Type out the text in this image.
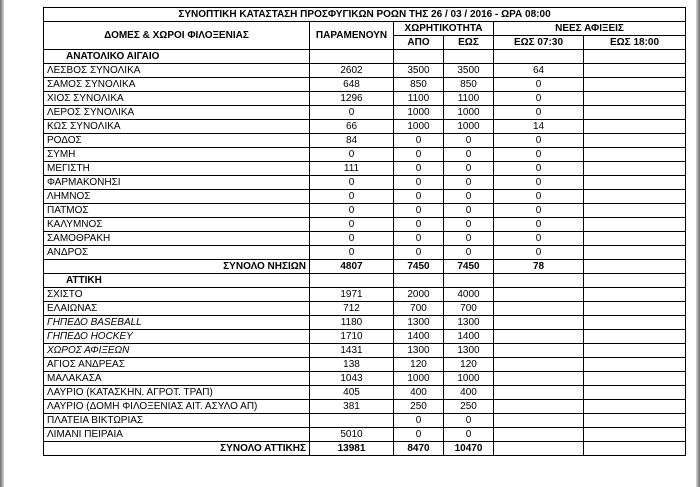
ΣΥΝΟΠΤΙΚΗ ΚΑΤΑΣΤΑΣΗ ΠΡΟΣΦΥΓΙΚΩΝ ΡΟΩΝ ΤΗΣ 26 / 03 / 2016 - ΩΡΑ 08:00					
ΔΟΜΕΣ & ΧΩΡΟΙ ΦΙΛΟΞΕΝΙΑΣ	ΠΑΡΑΜΕΝΟΥΝ	ΧΩΡΗΤΙΚΟΤΗΤΑ		ΝΕΕΣ ΑΦΙΞΕΙΣ	
		ΑΠΟ	ΕΩΣ	ΕΩΣ 07:30	ΕΩΣ 18:00
ΑΝΑΤΟΛΙΚΟ ΑΙΓΑΙΟ					
ΛΕΣΒΟΣ ΣΥΝΟΛΙΚΑ	2602	3500	3500	64	
ΣΑΜΟΣ ΣΥΝΟΛΙΚΑ	648	850	850	0	
ΧΙΟΣ ΣΥΝΟΛΙΚΑ	1296	1100	1100	0	
ΛΕΡΟΣ ΣΥΝΟΛΙΚΑ	0	1000	1000	0	
ΚΩΣ ΣΥΝΟΛΙΚΑ	66	1000	1000	14	
ΡΟΔΟΣ	84	0	0	0	
ΣΥΜΗ	0	0	0	0	
ΜΕΓΙΣΤΗ	111	0	0	0	
ΦΑΡΜΑΚΟΝΗΣΙ	0	0	0	0	
ΛΗΜΝΟΣ	0	0	0	0	
ΠΑΤΜΟΣ	0	0	0	0	
ΚΑΛΥΜΝΟΣ	0	0	0	0	
ΣΑΜΟΘΡΑΚΗ	0	0	0	0	
ΑΝΔΡΟΣ	0	0	0	0	
ΣΥΝΟΛΟ ΝΗΣΙΩΝ	4807	7450	7450	78	
ΑΤΤΙΚΗ					
ΣΧΙΣΤΟ	1971	2000	4000		
ΕΛΑΙΩΝΑΣ	712	700	700		
ΓΗΠΕΔΟ BASEBALL	1180	1300	1300		
ΓΗΠΕΔΟ HOCKEY	1710	1400	1400		
ΧΩΡΟΣ ΑΦΙΞΕΩΝ	1431	1300	1300		
ΑΓΙΟΣ ΑΝΔΡΕΑΣ	138	120	120		
ΜΑΛΑΚΑΣΑ	1043	1000	1000		
ΛΑΥΡΙΟ (ΚΑΤΑΣΚΗΝ. ΑΓΡΟΤ. ΤΡΑΠ)	405	400	400		
ΛΑΥΡΙΟ (ΔΟΜΗ ΦΙΛΟΞΕΝΙΑΣ ΑΙΤ. ΑΣΥΛΟ ΑΠ)	381	250	250		
ΠΛΑΤΕΙΑ ΒΙΚΤΩΡΙΑΣ		0	0		
ΛΙΜΑΝΙ ΠΕΙΡΑΙΑ	5010	0	0		
ΣΥΝΟΛΟ ΑΤΤΙΚΗΣ	13981	8470	10470		
